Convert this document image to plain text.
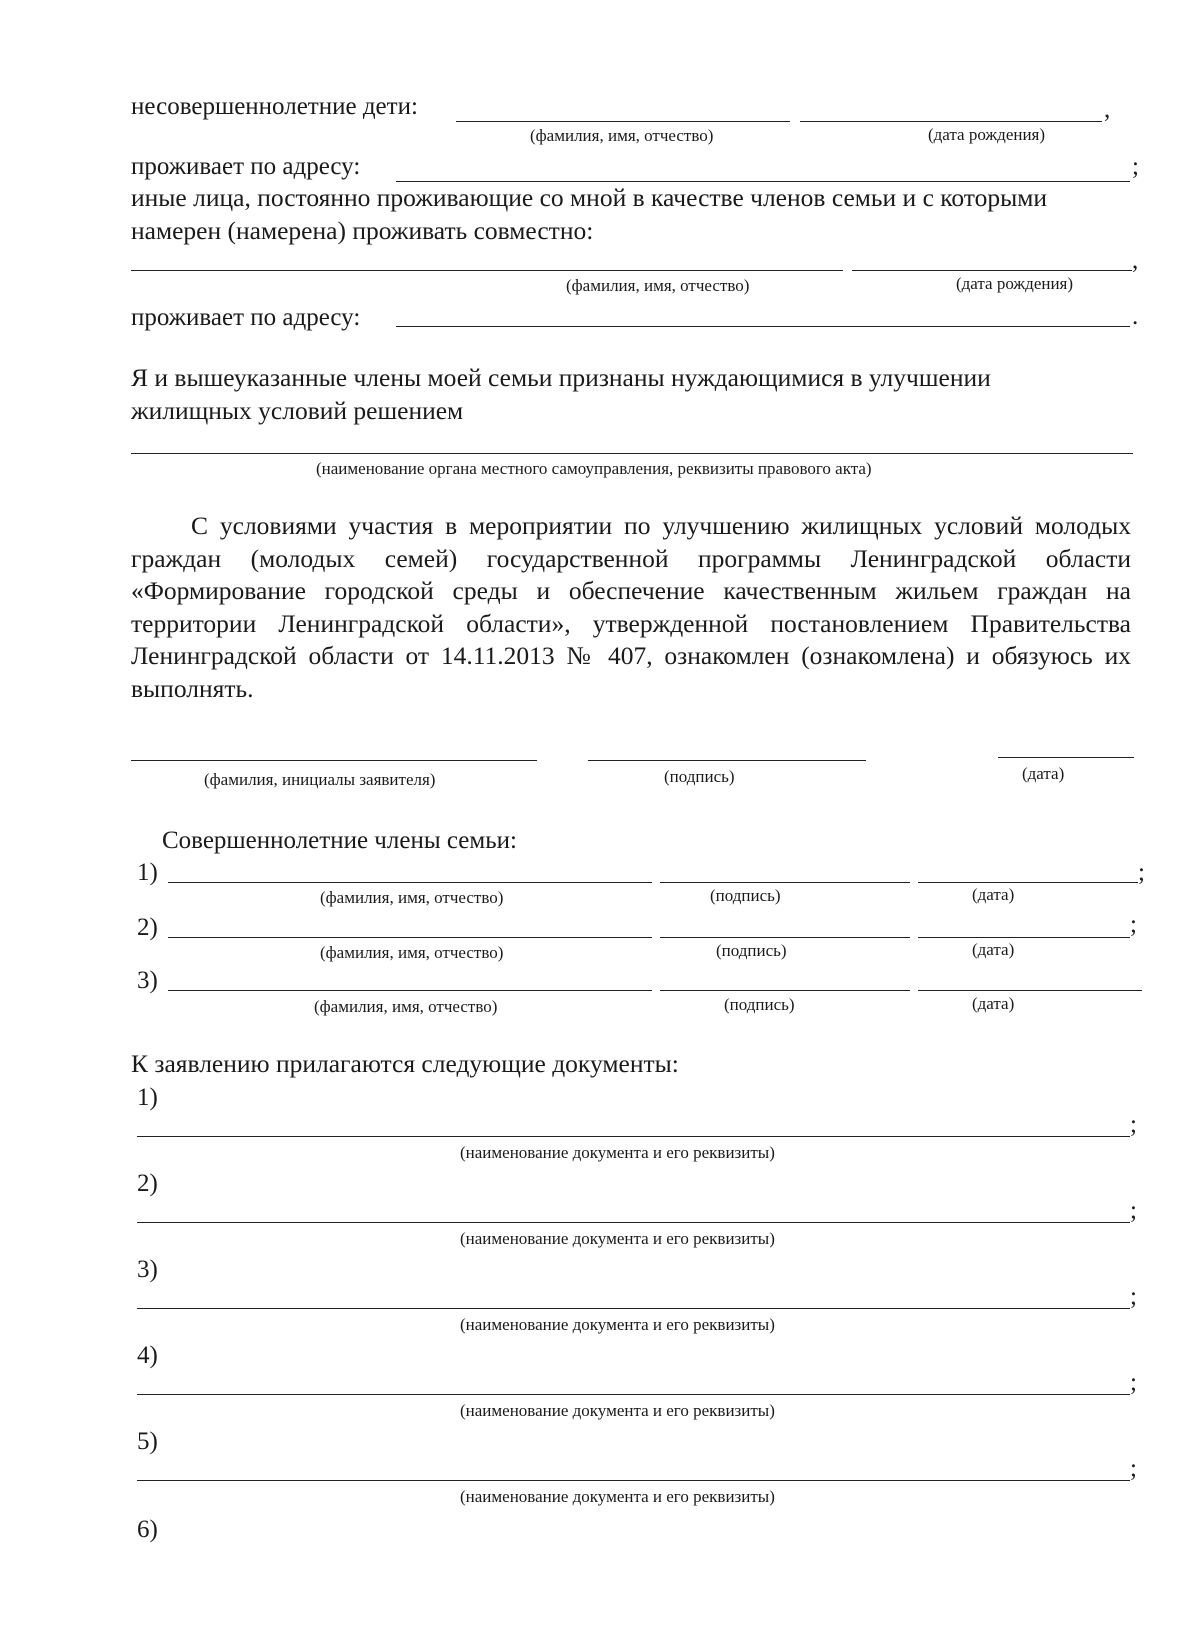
несовершеннолетние дети:	,
(фамилия, имя, отчество)	(дата рождения)
проживает по адресу:	;
иные лица, постоянно проживающие со мной в качестве членов семьи и с которыми
намерен (намерена) проживать совместно:
,
(фамилия, имя, отчество)	(дата рождения)
проживает по адресу:	.
Я и вышеуказанные члены моей семьи признаны нуждающимися в улучшении
жилищных условий решением
(наименование органа местного самоуправления, реквизиты правового акта)
С условиями участия в мероприятии по улучшению жилищных условий молодых граждан (молодых семей) государственной программы Ленинградской области «Формирование городской среды и обеспечение качественным жильем граждан на территории Ленинградской области», утвержденной постановлением Правительства Ленинградской области от 14.11.2013 № 407, ознакомлен (ознакомлена) и обязуюсь их выполнять.
(фамилия, инициалы заявителя)	(подпись)	(дата)
Совершеннолетние члены семьи:
1)	;
(фамилия, имя, отчество)	(подпись)	(дата)
2)	;
(фамилия, имя, отчество)	(подпись)	(дата)
3)
(фамилия, имя, отчество)	(подпись)	(дата)
К заявлению прилагаются следующие документы:
1)
;
(наименование документа и его реквизиты)
2)
;
(наименование документа и его реквизиты)
3)
;
(наименование документа и его реквизиты)
4)
;
(наименование документа и его реквизиты)
5)
;
(наименование документа и его реквизиты)
6)
